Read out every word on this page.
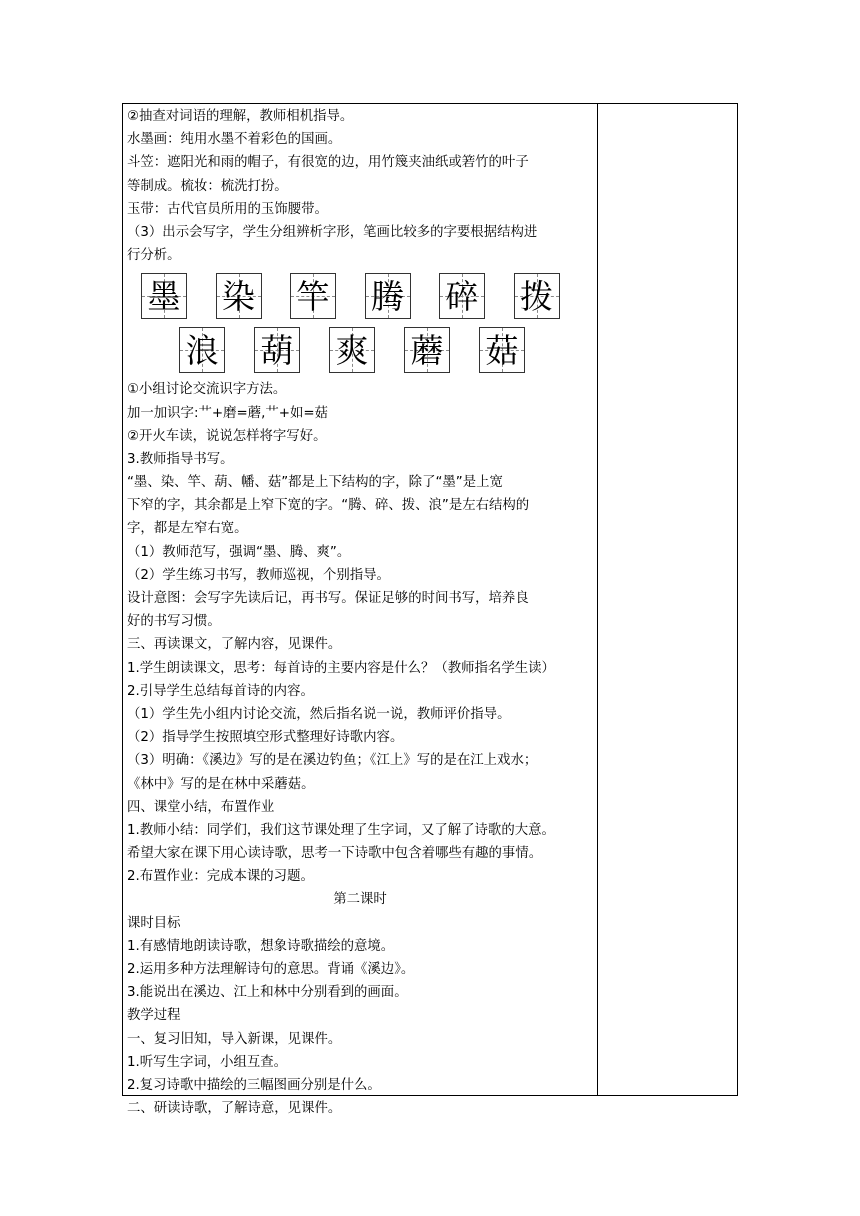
②抽查对词语的理解，教师相机指导。
水墨画：纯用水墨不着彩色的国画。
斗笠：遮阳光和雨的帽子，有很宽的边，用竹篾夹油纸或箬竹的叶子
等制成。梳妆：梳洗打扮。
玉带：古代官员所用的玉饰腰带。
（3）出示会写字，学生分组辨析字形，笔画比较多的字要根据结构进
行分析。
墨 染 竿 腾 碎 拨
浪 葫 爽 蘑 菇
①小组讨论交流识字方法。
加一加识字:艹+磨=蘑,艹+如=菇
②开火车读，说说怎样将字写好。
3.教师指导书写。
“墨、染、竿、葫、幡、菇”都是上下结构的字，除了“墨”是上宽
下窄的字，其余都是上窄下宽的字。“腾、碎、拨、浪”是左右结构的
字，都是左窄右宽。
（1）教师范写，强调“墨、腾、爽”。
（2）学生练习书写，教师巡视，个别指导。
设计意图：会写字先读后记，再书写。保证足够的时间书写，培养良
好的书写习惯。
三、再读课文，了解内容，见课件。
1.学生朗读课文，思考：每首诗的主要内容是什么？（教师指名学生读）
2.引导学生总结每首诗的内容。
（1）学生先小组内讨论交流，然后指名说一说，教师评价指导。
（2）指导学生按照填空形式整理好诗歌内容。
（3）明确：《溪边》写的是在溪边钓鱼；《江上》写的是在江上戏水；
《林中》写的是在林中采蘑菇。
四、课堂小结，布置作业
1.教师小结：同学们，我们这节课处理了生字词，又了解了诗歌的大意。
希望大家在课下用心读诗歌，思考一下诗歌中包含着哪些有趣的事情。
2.布置作业：完成本课的习题。
第二课时
课时目标
1.有感情地朗读诗歌，想象诗歌描绘的意境。
2.运用多种方法理解诗句的意思。背诵《溪边》。
3.能说出在溪边、江上和林中分别看到的画面。
教学过程
一、复习旧知，导入新课，见课件。
1.听写生字词，小组互查。
2.复习诗歌中描绘的三幅图画分别是什么。
二、研读诗歌，了解诗意，见课件。
